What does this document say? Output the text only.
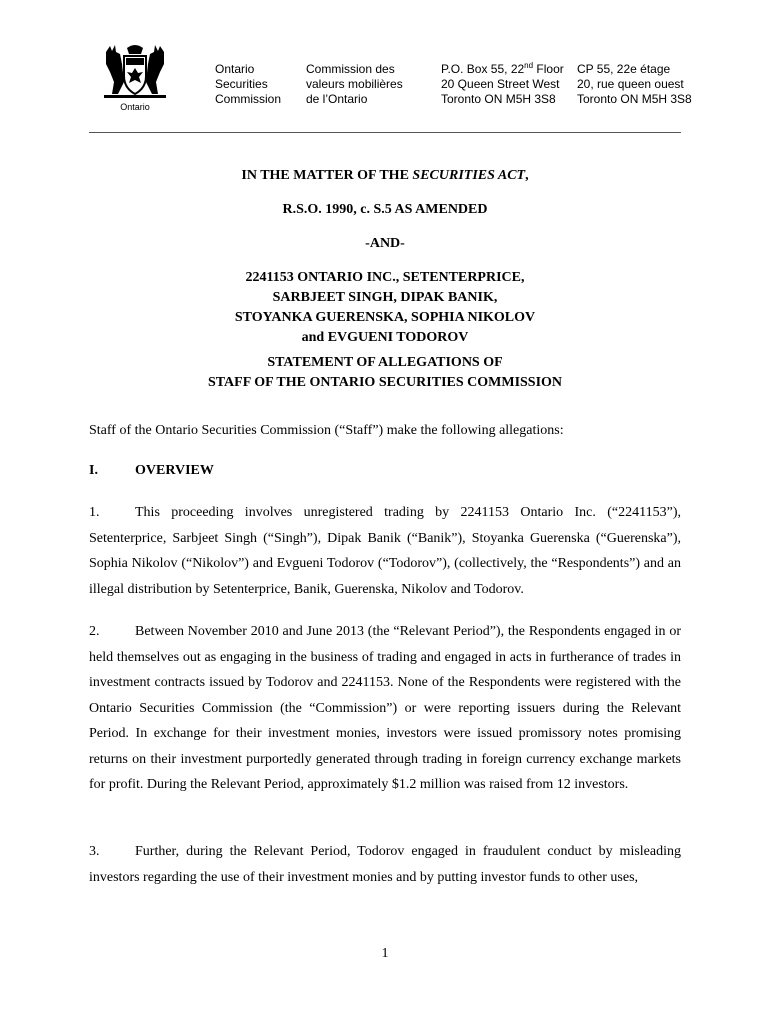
Ontario
Ontario
Securities
Commission
Commission des
valeurs mobilières
de l’Ontario
P.O. Box 55, 22nd Floor
20 Queen Street West
Toronto ON M5H 3S8
CP 55, 22e étage
20, rue queen ouest
Toronto ON M5H 3S8
IN THE MATTER OF THE SECURITIES ACT,
R.S.O. 1990, c. S.5 AS AMENDED
-AND-
2241153 ONTARIO INC., SETENTERPRICE,
SARBJEET SINGH, DIPAK BANIK,
STOYANKA GUERENSKA, SOPHIA NIKOLOV
and EVGUENI TODOROV
STATEMENT OF ALLEGATIONS OF
STAFF OF THE ONTARIO SECURITIES COMMISSION
Staff of the Ontario Securities Commission (“Staff”) make the following allegations:
I.	OVERVIEW
1.	This proceeding involves unregistered trading by 2241153 Ontario Inc. (“2241153”), Setenterprice, Sarbjeet Singh (“Singh”), Dipak Banik (“Banik”), Stoyanka Guerenska (“Guerenska”), Sophia Nikolov (“Nikolov”) and Evgueni Todorov (“Todorov”), (collectively, the “Respondents”) and an illegal distribution by Setenterprice, Banik, Guerenska, Nikolov and Todorov.
2.	Between November 2010 and June 2013 (the “Relevant Period”), the Respondents engaged in or held themselves out as engaging in the business of trading and engaged in acts in furtherance of trades in investment contracts issued by Todorov and 2241153. None of the Respondents were registered with the Ontario Securities Commission (the “Commission”) or were reporting issuers during the Relevant Period. In exchange for their investment monies, investors were issued promissory notes promising returns on their investment purportedly generated through trading in foreign currency exchange markets for profit. During the Relevant Period, approximately $1.2 million was raised from 12 investors.
3.	Further, during the Relevant Period, Todorov engaged in fraudulent conduct by misleading investors regarding the use of their investment monies and by putting investor funds to other uses,
1
